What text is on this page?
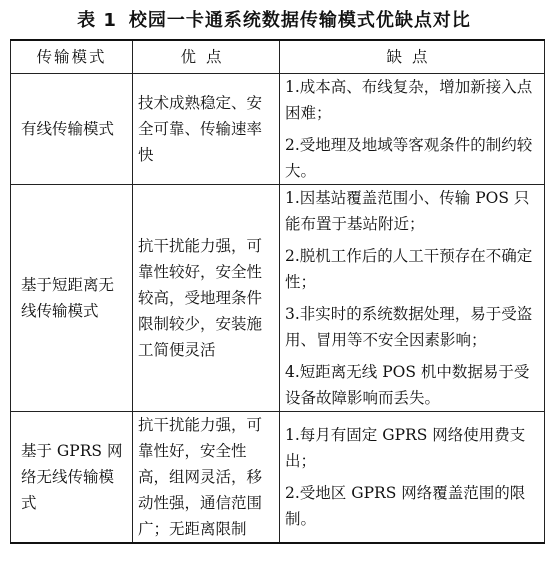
表 1 校园一卡通系统数据传输模式优缺点对比
传输模式	优点	缺点
有线传输模式	技术成熟稳定、安全可靠、传输速率快	1.成本高、布线复杂，增加新接入点困难；

2.受地理及地域等客观条件的制约较大。

基于短距离无线传输模式	抗干扰能力强，可靠性较好，安全性较高，受地理条件限制较少，安装施工简便灵活	1.因基站覆盖范围小、传输 POS 只能布置于基站附近；

2.脱机工作后的人工干预存在不确定性；

3.非实时的系统数据处理，易于受盗用、冒用等不安全因素影响；

4.短距离无线 POS 机中数据易于受设备故障影响而丢失。

基于 GPRS 网络无线传输模式	抗干扰能力强，可靠性好，安全性高，组网灵活，移动性强，通信范围广；无距离限制	1.每月有固定 GPRS 网络使用费支出；

2.受地区 GPRS 网络覆盖范围的限制。
